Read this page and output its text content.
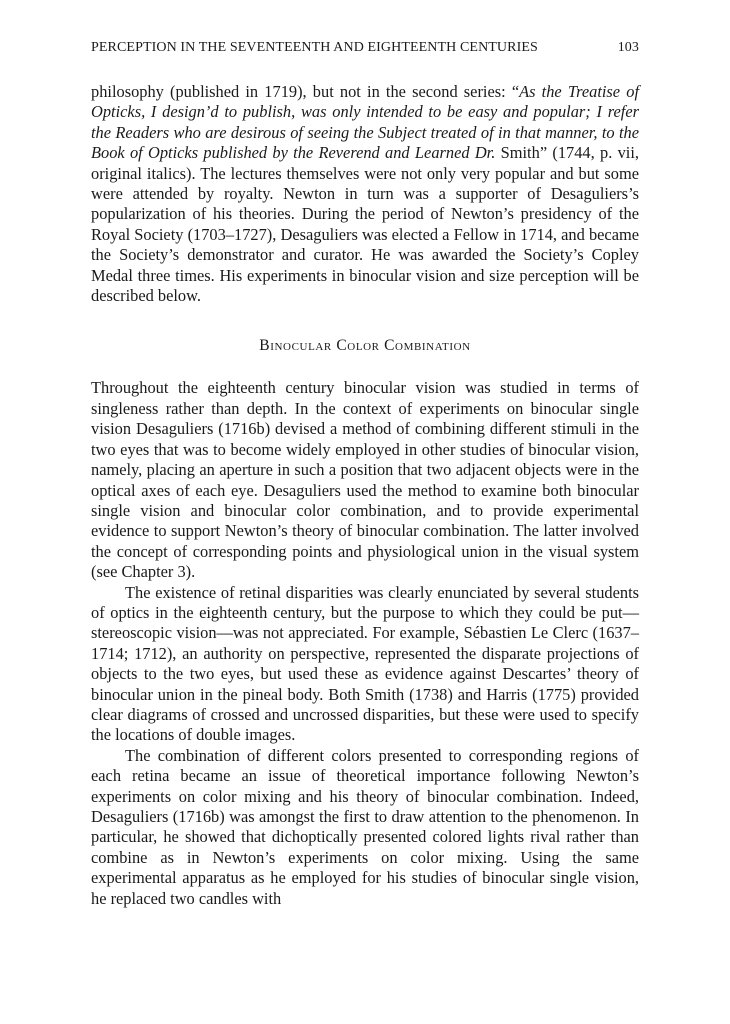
PERCEPTION IN THE SEVENTEENTH AND EIGHTEENTH CENTURIES	103

philosophy (published in 1719), but not in the second series: “As the Treatise of Opticks, I design’d to publish, was only intended to be easy and popular; I refer the Readers who are desirous of seeing the Subject treated of in that manner, to the Book of Opticks published by the Reverend and Learned Dr. Smith” (1744, p. vii, original italics). The lectures themselves were not only very popular and but some were attended by royalty. Newton in turn was a supporter of Desaguliers’s popularization of his theories. During the period of Newton’s presidency of the Royal Society (1703–1727), Desaguliers was elected a Fellow in 1714, and became the Society’s demonstrator and curator. He was awarded the Society’s Copley Medal three times. His experiments in binocular vision and size perception will be described below.

Binocular Color Combination

Throughout the eighteenth century binocular vision was studied in terms of singleness rather than depth. In the context of experiments on binocular single vision Desaguliers (1716b) devised a method of combining different stimuli in the two eyes that was to become widely employed in other studies of binocular vision, namely, placing an aperture in such a position that two adjacent objects were in the optical axes of each eye. Desaguliers used the method to examine both binocular single vision and binocular color combination, and to provide experimental evidence to support Newton’s theory of binocular combination. The latter involved the concept of corresponding points and physiological union in the visual system (see Chapter 3).

The existence of retinal disparities was clearly enunciated by several students of optics in the eighteenth century, but the purpose to which they could be put—stereoscopic vision—was not appreciated. For example, Sébastien Le Clerc (1637–1714; 1712), an authority on perspective, represented the disparate projections of objects to the two eyes, but used these as evidence against Descartes’ theory of binocular union in the pineal body. Both Smith (1738) and Harris (1775) provided clear diagrams of crossed and uncrossed disparities, but these were used to specify the locations of double images.

The combination of different colors presented to corresponding regions of each retina became an issue of theoretical importance following Newton’s experiments on color mixing and his theory of binocular combination. Indeed, Desaguliers (1716b) was amongst the first to draw attention to the phenomenon. In particular, he showed that dichoptically presented colored lights rival rather than combine as in Newton’s experiments on color mixing. Using the same experimental apparatus as he employed for his studies of binocular single vision, he replaced two candles with
